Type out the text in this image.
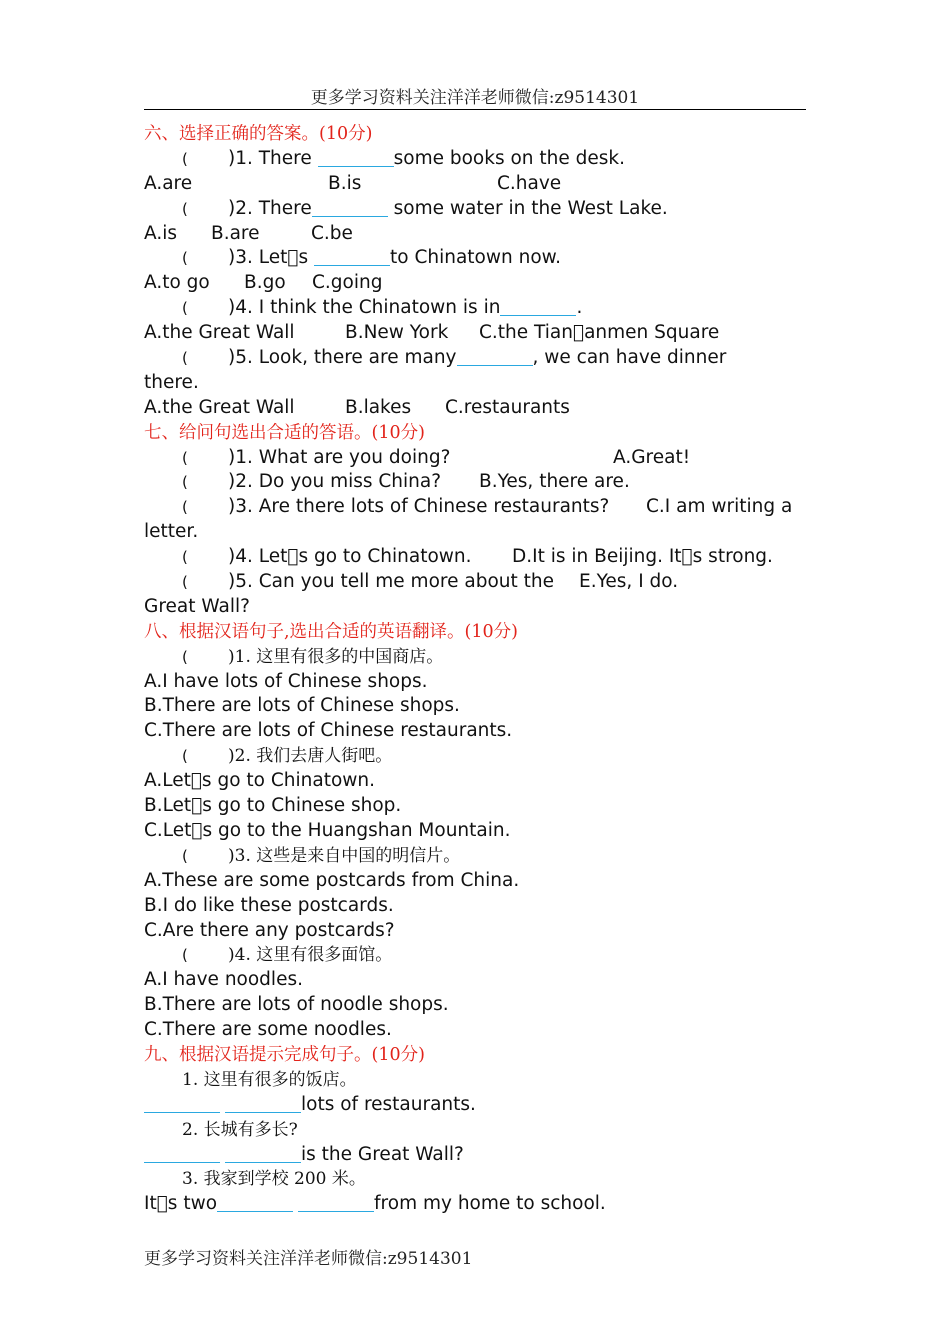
更多学习资料关注洋洋老师微信:z9514301
六、选择正确的答案。(10分)
( )1. There	some books on the desk.
A.are	B.is	C.have
( )2. There	some water in the West Lake.
A.is B.are	C.be
( )3. Let s	to Chinatown now.
A.to go B.go C.going
( )4. I think the Chinatown is in	.
A.the Great Wall	B.New York C.the Tian anmen Square
( )5. Look, there are many	, we can have dinner
there.
A.the Great Wall	B.lakes C.restaurants
七、给问句选出合适的答语。(10分)
( )1. What are you doing?	A.Great!
( )2. Do you miss China? B.Yes, there are.
( )3. Are there lots of Chinese restaurants? C.I am writing a
letter.
( )4. Let s go to Chinatown. D.It is in Beijing. It s strong.
( )5. Can you tell me more about the E.Yes, I do.
Great Wall?
八、根据汉语句子,选出合适的英语翻译。(10分)
( )1. 这里有很多的中国商店。
A.I have lots of Chinese shops.
B.There are lots of Chinese shops.
C.There are lots of Chinese restaurants.
( )2. 我们去唐人街吧。
A.Let s go to Chinatown.
B.Let s go to Chinese shop.
C.Let s go to the Huangshan Mountain.
( )3. 这些是来自中国的明信片。
A.These are some postcards from China.
B.I do like these postcards.
C.Are there any postcards?
( )4. 这里有很多面馆。
A.I have noodles.
B.There are lots of noodle shops.
C.There are some noodles.
九、根据汉语提示完成句子。(10分)
1. 这里有很多的饭店。
lots of restaurants.
2. 长城有多长?
is the Great Wall?
3. 我家到学校 200 米。
It s two	from my home to school.
更多学习资料关注洋洋老师微信:z9514301
